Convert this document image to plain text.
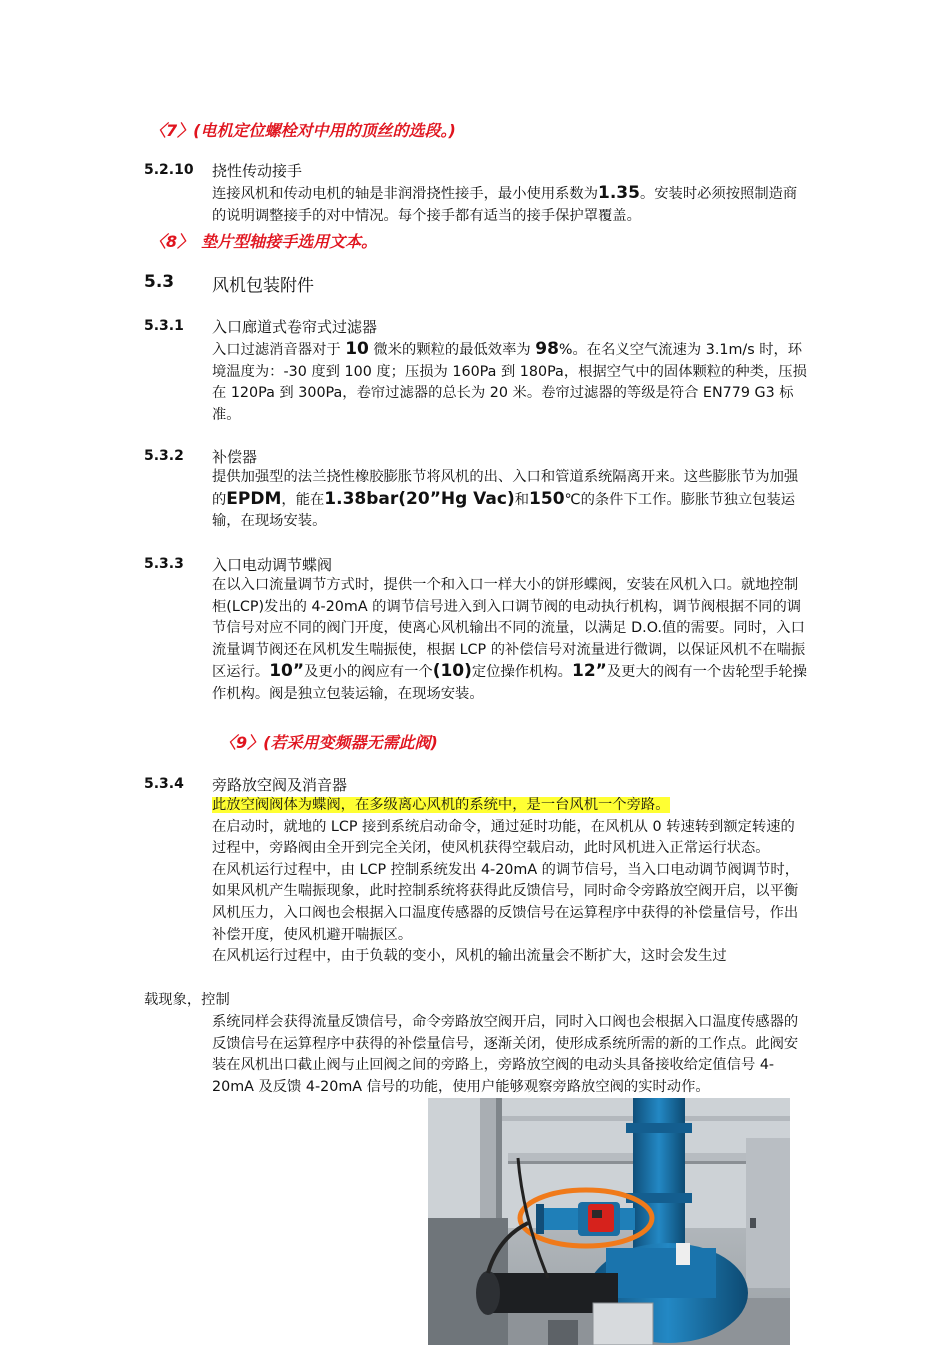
〈7〉(电机定位螺栓对中用的顶丝的选段。)
5.2.10 挠性传动接手

连接风机和传动电机的轴是非润滑挠性接手，最小使用系数为1.35。安装时必须按照制造商的说明调整接手的对中情况。每个接手都有适当的接手保护罩覆盖。

〈8〉　垫片型轴接手选用文本。
5.3 风机包装附件
5.3.1 入口廊道式卷帘式过滤器

入口过滤消音器对于 10 微米的颗粒的最低效率为 98%。在名义空气流速为 3.1m/s 时，环境温度为：-30 度到 100 度；压损为 160Pa 到 180Pa，根据空气中的固体颗粒的种类，压损在 120Pa 到 300Pa，卷帘过滤器的总长为 20 米。卷帘过滤器的等级是符合 EN779 G3 标准。

5.3.2 补偿器

提供加强型的法兰挠性橡胶膨胀节将风机的出、入口和管道系统隔离开来。这些膨胀节为加强的EPDM，能在1.38bar(20”Hg Vac)和150℃的条件下工作。膨胀节独立包装运输，在现场安装。

5.3.3 入口电动调节蝶阀

在以入口流量调节方式时，提供一个和入口一样大小的饼形蝶阀，安装在风机入口。就地控制柜(LCP)发出的 4-20mA 的调节信号进入到入口调节阀的电动执行机构，调节阀根据不同的调节信号对应不同的阀门开度，使离心风机输出不同的流量，以满足 D.O.值的需要。同时，入口流量调节阀还在风机发生喘振使，根据 LCP 的补偿信号对流量进行微调，以保证风机不在喘振区运行。10”及更小的阀应有一个(10)定位操作机构。12”及更大的阀有一个齿轮型手轮操作机构。阀是独立包装运输，在现场安装。

〈9〉(若采用变频器无需此阀)
5.3.4 旁路放空阀及消音器

此放空阀阀体为蝶阀，在多级离心风机的系统中，是一台风机一个旁路。

在启动时，就地的 LCP 接到系统启动命令，通过延时功能，在风机从 0 转速转到额定转速的过程中，旁路阀由全开到完全关闭，使风机获得空载启动，此时风机进入正常运行状态。

在风机运行过程中，由 LCP 控制系统发出 4-20mA 的调节信号，当入口电动调节阀调节时，如果风机产生喘振现象，此时控制系统将获得此反馈信号，同时命令旁路放空阀开启，以平衡风机压力，入口阀也会根据入口温度传感器的反馈信号在运算程序中获得的补偿量信号，作出补偿开度，使风机避开喘振区。

在风机运行过程中，由于负载的变小，风机的输出流量会不断扩大，这时会发生过

载现象，控制

系统同样会获得流量反馈信号，命令旁路放空阀开启，同时入口阀也会根据入口温度传感器的反馈信号在运算程序中获得的补偿量信号，逐渐关闭，使形成系统所需的新的工作点。此阀安装在风机出口截止阀与止回阀之间的旁路上，旁路放空阀的电动头具备接收给定值信号 4-20mA 及反馈 4-20mA 信号的功能，使用户能够观察旁路放空阀的实时动作。
